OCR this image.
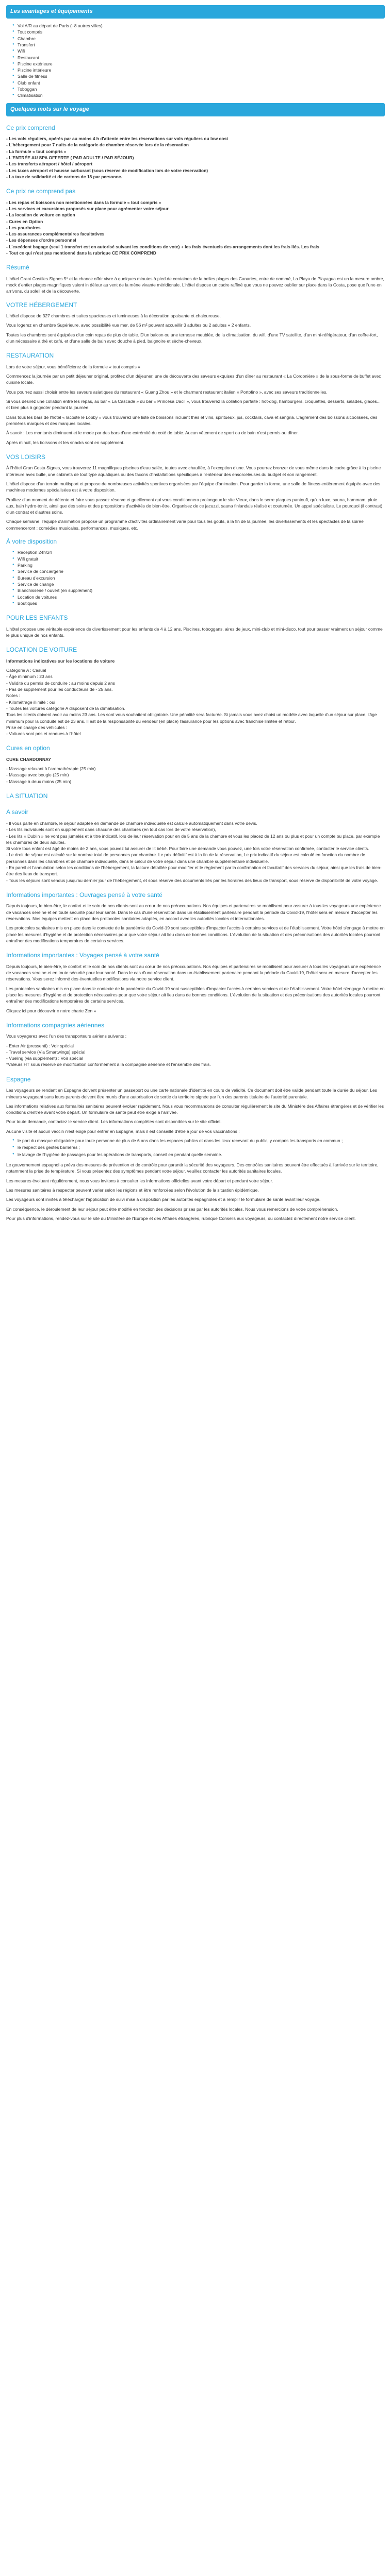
Les avantages et équipements
● Vol A/R au départ de Paris (+8 autres villes)
● Tout compris
● Chambre
● Transfert
● Wifi
● Restaurant
● Piscine extérieure
● Piscine intérieure
● Salle de fitness
● Club enfant
● Toboggan
● Climatisation
Quelques mots sur le voyage
Ce prix comprend
- Les vols réguliers, opérés par au moins 4 h d'attente entre les réservations sur vols réguliers ou low cost
- L'hébergement pour 7 nuits de la catégorie de chambre réservée lors de la réservation
- La formule « tout compris »
- L'ENTRÉE AU SPA OFFERTE ( PAR ADULTE / PAR SÉJOUR)
- Les transferts aéroport / hôtel / aéroport
- Les taxes aéroport et hausse carburant (sous réserve de modification lors de votre réservation)
- La taxe de solidarité et de cartons de 18 par personne.
Ce prix ne comprend pas
- Les repas et boissons non mentionnées dans la formule « tout compris »
- Les services et excursions proposés sur place pour agrémenter votre séjour
- La location de voiture en option
- Cures en Option
- Les pourboires
- Les assurances complémentaires facultatives
- Les dépenses d'ordre personnel
- L'excédent bagage (seul 1 transfert est en autorisé suivant les conditions de vote) + les frais éventuels des arrangements dont les frais liés. Les frais
- Tout ce qui n'est pas mentionné dans la rubrique CE PRIX COMPREND
Résumé

L'hôtel Grant Costiles Signes 5* et la chance offrir vivre à quelques minutes à pied de centaines de la belles plages des Canaries, entre de nommé, La Playa de Playagua est un la mesure ombre, mock d'entier plages magnifiques vaient in déleur au vent de la mène vivante méridionale. L'hôtel dispose un cadre raffiné que vous ne pouvez oublier sur place dans la Costa, pose que l'une en arrivons, du soleil et de la découverte.

VOTRE HÉBERGEMENT

L'hôtel dispose de 327 chambres et suites spacieuses et lumineuses à la décoration apaisante et chaleureuse.

Vous logerez en chambre Supérieure, avec possibilité vue mer, de 56 m² pouvant accueillir 3 adultes ou 2 adultes + 2 enfants.

Toutes les chambres sont équipées d'un coin repas de plus de table. D'un balcon ou une terrasse meublée, de la climatisation, du wifi, d'une TV satellite, d'un mini-réfrigérateur, d'un coffre-fort, d'un nécessaire à thé et café, et d'une salle de bain avec douche à pied, baignoire et sèche-cheveux.

RESTAURATION

Lors de votre séjour, vous bénéficierez de la formule « tout compris »

Commencez la journée par un petit déjeuner original, profitez d'un déjeuner, une de découverte des saveurs exquises d'un dîner au restaurant « La Cordonière » de la sous-forme de buffet avec cuisine locale.

Vous pourrez aussi choisir entre les saveurs asiatiques du restaurant « Guang Zhou » et le charmant restaurant italien « Portofino », avec ses saveurs traditionnelles.

Si vous désirez une collation entre les repas, au bar « La Cascade » du bar « Princesa Dacil », vous trouverez la collation parfaite : hot-dog, hamburgers, croquettes, desserts, salades, glaces... et bien plus à grignoter pendant la journée.

Dans tous les bars de l'hôtel « lacoste le Lobby » vous trouverez une liste de boissons incluant thés et vins, spiritueux, jus, cocktails, cava et sangria. L'agrément des boissons alcoolisées, des premières marques et des marques locales.

À savoir : Les montants diminuent et le mode par des bars d'une extrémité du coté de table. Aucun vêtement de sport ou de bain n'est permis au dîner.

Après minuit, les boissons et les snacks sont en supplément.

VOS LOISIRS

À l'hôtel Gran Costa Signes, vous trouverez 11 magnifiques piscines d'eau salée, toutes avec chauffée, à l'exception d'une. Vous pourrez bronzer de vous même dans le cadre grâce à la piscine intérieure avec bulle, une cabinets de tout type aquatiques ou des facons d'installations spécifiques à l'entérieur des ensorceleuses du budget et son rangement.

L'hôtel dispose d'un terrain multisport et propose de nombreuses activités sportives organisées par l'équipe d'animation. Pour garder la forme, une salle de fitness entièrement équipée avec des machines modernes spécialisées est à votre disposition.

Profitez d'un moment de détente et faire vous passez réserve et gueillement qui vous conditionnera prolongeux le site Vieux, dans le serre plaques pantoufi, qu'un luxe, sauna, hammam, pluie aux, bain hydro-tonic, ainsi que des soins et des propositions d'activités de bien-être. Organisez de ce jacuzzi, sauna finlandais réalisé et coutumée. Un appel spécialiste. Le pourquoi (il contrast) d'un contrat et d'autres soins.

Chaque semaine, l'équipe d'animation propose un programme d'activités ordinairement varié pour tous les goûts, à la fin de la journée, les divertissements et les spectacles de la soirée commenceront : comédies musicales, performances, musiques, etc.

À votre disposition

● Réception 24h/24
● Wifi gratuit
● Parking
● Service de conciergerie
● Bureau d'excursion
● Service de change
● Blanchisserie / ouvert (en supplément)
● Location de voitures
● Boutiques
POUR LES ENFANTS

L'hôtel propose une véritable expérience de divertissement pour les enfants de 4 à 12 ans. Piscines, toboggans, aires de jeux, mini-club et mini-disco, tout pour passer vraiment un séjour comme le plus unique de nos enfants.

LOCATION DE VOITURE

Informations indicatives sur les locations de voiture

Catégorie A : Casual
- Âge minimum : 23 ans
- Validité du permis de conduire : au moins depuis 2 ans
- Pas de supplément pour les conducteurs de - 25 ans.
Notes :
- Kilométrage illimité : oui
- Toutes les voitures catégorie A disposent de la climatisation.
Tous les clients doivent avoir au moins 23 ans. Les sont vous souhaitent obligatoire. Une pénalité sera facturée. Si jamais vous avez choisi un modèle avec laquelle d'un séjour sur place, l'âge minimum pour la conduite est de 23 ans. Il est de la responsabilité du vendeur (en place) l'assurance pour les options avec franchise limitée et retour.
Prise en charge des véhicules :
- Voitures sont pris et rendues à l'hôtel
Cures en option

CURE CHARDONNAY

- Massage relaxant à l'aromathérapie (25 min)
- Massage avec bougie (25 min)
- Massage à deux mains (25 min)
LA SITUATION
A savoir
- Il vous parle en chambre, le séjour adaptée en demande de chambre individuelle est calculé automatiquement dans votre devis.
- Les lits individuels sont en supplément dans chacune des chambres (en tout cas lors de votre réservation),
- Les lits « Dublin » ne vont pas jumelés et à titre indicatif, lors de leur réservation pour en de 5 ans de la chambre et vous les placez de 12 ans ou plus et pour un compte ou place, par exemple les chambres de deux adultes.
Si votre tous enfant est âgé de moins de 2 ans, vous pouvez lui assurer de lit bébé. Pour faire une demande vous pouvez, une fois votre réservation confirmée, contacter le service clients.
- Le droit de séjour est calculé sur le nombre total de personnes par chambre. Le prix définitif est à la fin de la réservation, Le prix indicatif du séjour est calculé en fonction du nombre de personnes dans les chambres et de chambre individuelle, dans le calcul de votre séjour dans une chambre supplémentaire individuelle.
- En pareil et l'annulation selon les conditions de l'hébergement, la facture détaillée pour modifier et le règlement par la confirmation et facultatif des services du séjour, ainsi que les frais de bien-être des lieux de transport.
- Tous les séjours sont vendus jusqu'au dernier jour de l'hébergement, et sous réserve des documents liés par les horaires des lieux de transport, sous réserve de disponibilité de votre voyage.
Informations importantes : Ouvrages pensé à votre santé

Depuis toujours, le bien-être, le confort et le soin de nos clients sont au cœur de nos préoccupations. Nos équipes et partenaires se mobilisent pour assurer à tous les voyageurs une expérience de vacances sereine et en toute sécurité pour leur santé. Dans le cas d'une réservation dans un établissement partenaire pendant la période du Covid-19, l'hôtel sera en mesure d'accepter les réservations. Nos équipes mettent en place des protocoles sanitaires adaptés, en accord avec les autorités locales et internationales.

Les protocoles sanitaires mis en place dans le contexte de la pandémie du Covid-19 sont susceptibles d'impacter l'accès à certains services et de l'établissement. Votre hôtel s'engage à mettre en place les mesures d'hygiène et de protection nécessaires pour que votre séjour ait lieu dans de bonnes conditions. L'évolution de la situation et des préconisations des autorités locales pourront entraîner des modifications temporaires de certains services.

Informations importantes : Voyages pensé à votre santé

Depuis toujours, le bien-être, le confort et le soin de nos clients sont au cœur de nos préoccupations. Nos équipes et partenaires se mobilisent pour assurer à tous les voyageurs une expérience de vacances sereine et en toute sécurité pour leur santé. Dans le cas d'une réservation dans un établissement partenaire pendant la période du Covid-19, l'hôtel sera en mesure d'accepter les réservations. Vous serez informé des éventuelles modifications via notre service client.

Les protocoles sanitaires mis en place dans le contexte de la pandémie du Covid-19 sont susceptibles d'impacter l'accès à certains services et de l'établissement. Votre hôtel s'engage à mettre en place les mesures d'hygiène et de protection nécessaires pour que votre séjour ait lieu dans de bonnes conditions. L'évolution de la situation et des préconisations des autorités locales pourront entraîner des modifications temporaires de certains services.

Cliquez ici pour découvrir « notre charte Zen »

Informations compagnies aériennes

Vous voyagerez avec l'un des transporteurs aériens suivants :

- Enter Air (pressenti) : Voir spécial
- Travel service (Via Smartwings) spécial
- Vueling (via supplément) : Voir spécial
*Valeurs HT sous réserve de modification conformément à la compagnie aérienne et l'ensemble des frais.
Espagne

Les voyageurs se rendant en Espagne doivent présenter un passeport ou une carte nationale d'identité en cours de validité. Ce document doit être valide pendant toute la durée du séjour. Les mineurs voyageant sans leurs parents doivent être munis d'une autorisation de sortie du territoire signée par l'un des parents titulaire de l'autorité parentale.

Les informations relatives aux formalités sanitaires peuvent évoluer rapidement. Nous vous recommandons de consulter régulièrement le site du Ministère des Affaires étrangères et de vérifier les conditions d'entrée avant votre départ. Un formulaire de santé peut être exigé à l'arrivée.

Pour toute demande, contactez le service client. Les informations complètes sont disponibles sur le site officiel.

Aucune visite et aucun vaccin n'est exigé pour entrer en Espagne, mais il est conseillé d'être à jour de vos vaccinations :

● le port du masque obligatoire pour toute personne de plus de 6 ans dans les espaces publics et dans les lieux recevant du public, y compris les transports en commun ;
● le respect des gestes barrières ;
● le lavage de l'hygiène de passages pour les opérations de transports, conseil en pendant quelle semaine.

Le gouvernement espagnol a prévu des mesures de prévention et de contrôle pour garantir la sécurité des voyageurs. Des contrôles sanitaires peuvent être effectués à l'arrivée sur le territoire, notamment la prise de température. Si vous présentez des symptômes pendant votre séjour, veuillez contacter les autorités sanitaires locales.

Les mesures évoluant régulièrement, nous vous invitons à consulter les informations officielles avant votre départ et pendant votre séjour.

Les mesures sanitaires à respecter peuvent varier selon les régions et être renforcées selon l'évolution de la situation épidémique.

Les voyageurs sont invités à télécharger l'application de suivi mise à disposition par les autorités espagnoles et à remplir le formulaire de santé avant leur voyage.

En conséquence, le déroulement de leur séjour peut être modifié en fonction des décisions prises par les autorités locales. Nous vous remercions de votre compréhension.

Pour plus d'informations, rendez-vous sur le site du Ministère de l'Europe et des Affaires étrangères, rubrique Conseils aux voyageurs, ou contactez directement notre service client.
